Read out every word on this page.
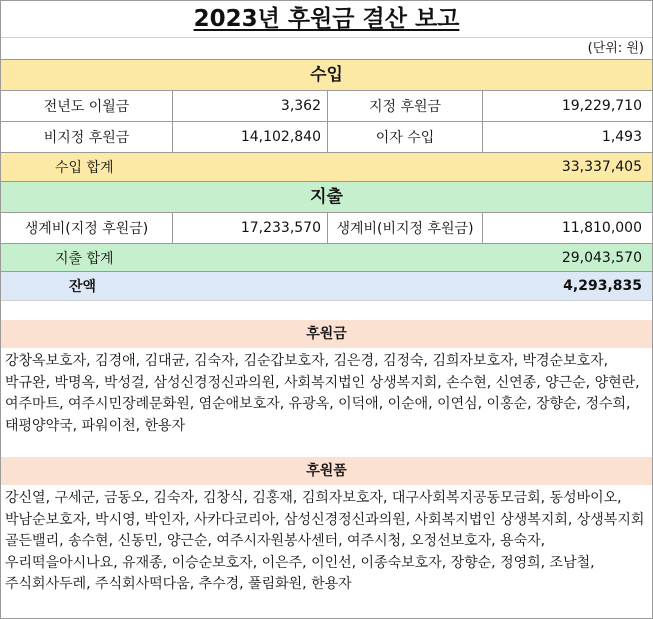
2023년 후원금 결산 보고
(단위: 원)
수입
전년도 이월금	3,362	지정 후원금	19,229,710
비지정 후원금	14,102,840	이자 수입	1,493
수입 합계	33,337,405
지출
생계비(지정 후원금)	17,233,570	생계비(비지정 후원금)	11,810,000
지출 합계	29,043,570
잔액	4,293,835
후원금
강창옥보호자, 김경애, 김대균, 김숙자, 김순갑보호자, 김은경, 김정숙, 김희자보호자, 박경순보호자, 박규완, 박명옥, 박성걸, 삼성신경정신과의원, 사회복지법인 상생복지회, 손수현, 신연종, 양근순, 양현란, 여주마트, 여주시민장례문화원, 염순애보호자, 유광옥, 이덕애, 이순애, 이연심, 이홍순, 장향순, 정수희, 태평양약국, 파워이천, 한용자
후원품
강신열, 구세군, 금동오, 김숙자, 김창식, 김홍재, 김희자보호자, 대구사회복지공동모금회, 동성바이오, 박남순보호자, 박시영, 박인자, 사카다코리아, 삼성신경정신과의원, 사회복지법인 상생복지회, 상생복지회 골든밸리, 송수현, 신동민, 양근순, 여주시자원봉사센터, 여주시청, 오정선보호자, 용숙자, 우리떡을아시나요, 유재종, 이승순보호자, 이은주, 이인선, 이종숙보호자, 장향순, 정영희, 조남철, 주식회사두레, 주식회사떡다움, 추수경, 풀림화원, 한용자
